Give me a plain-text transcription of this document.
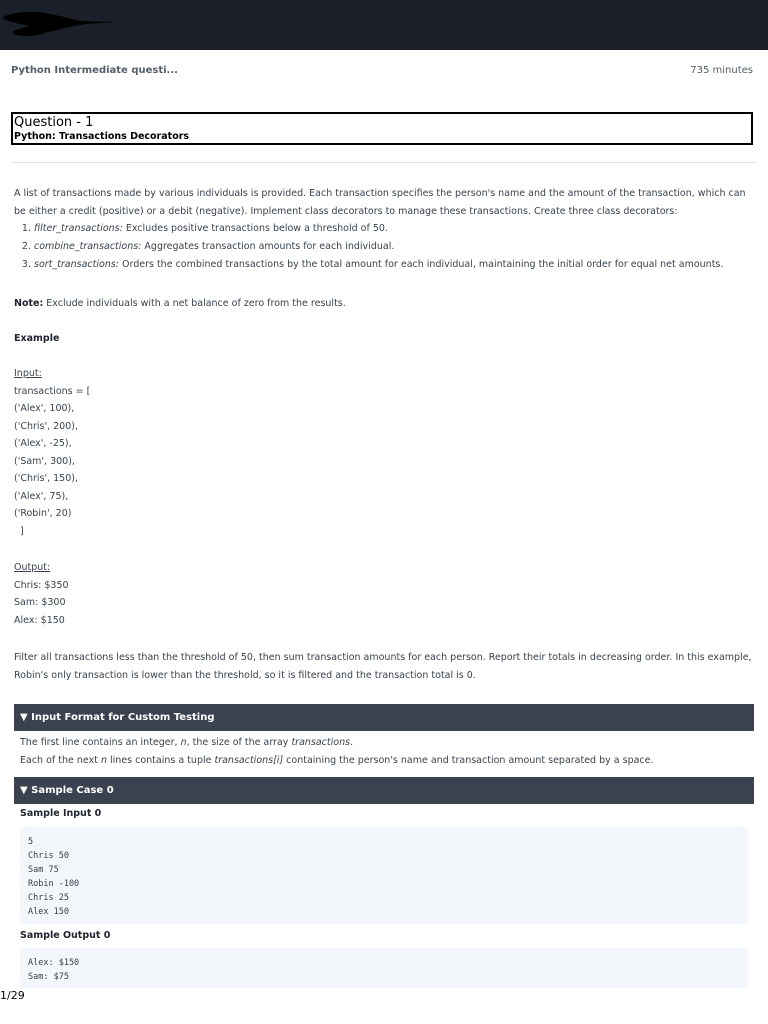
Python Intermediate questi...	735 minutes
Question - 1
Python: Transactions Decorators
A list of transactions made by various individuals is provided. Each transaction specifies the person's name and the amount of the transaction, which can be either a credit (positive) or a debit (negative). Implement class decorators to manage these transactions. Create three class decorators:
1. filter_transactions: Excludes positive transactions below a threshold of 50.
2. combine_transactions: Aggregates transaction amounts for each individual.
3. sort_transactions: Orders the combined transactions by the total amount for each individual, maintaining the initial order for equal net amounts.
Note: Exclude individuals with a net balance of zero from the results.
Example
Input:
transactions = [
('Alex', 100),
('Chris', 200),
('Alex', -25),
('Sam', 300),
('Chris', 150),
('Alex', 75),
('Robin', 20)
]
Output:
Chris: $350
Sam: $300
Alex: $150
Filter all transactions less than the threshold of 50, then sum transaction amounts for each person. Report their totals in decreasing order. In this example, Robin's only transaction is lower than the threshold, so it is filtered and the transaction total is 0.
▼ Input Format for Custom Testing
The first line contains an integer, n, the size of the array transactions.
Each of the next n lines contains a tuple transactions[i] containing the person's name and transaction amount separated by a space.
▼ Sample Case 0
Sample Input 0
5
Chris 50
Sam 75
Robin -100
Chris 25
Alex 150
Sample Output 0
Alex: $150
Sam: $75
1/29
